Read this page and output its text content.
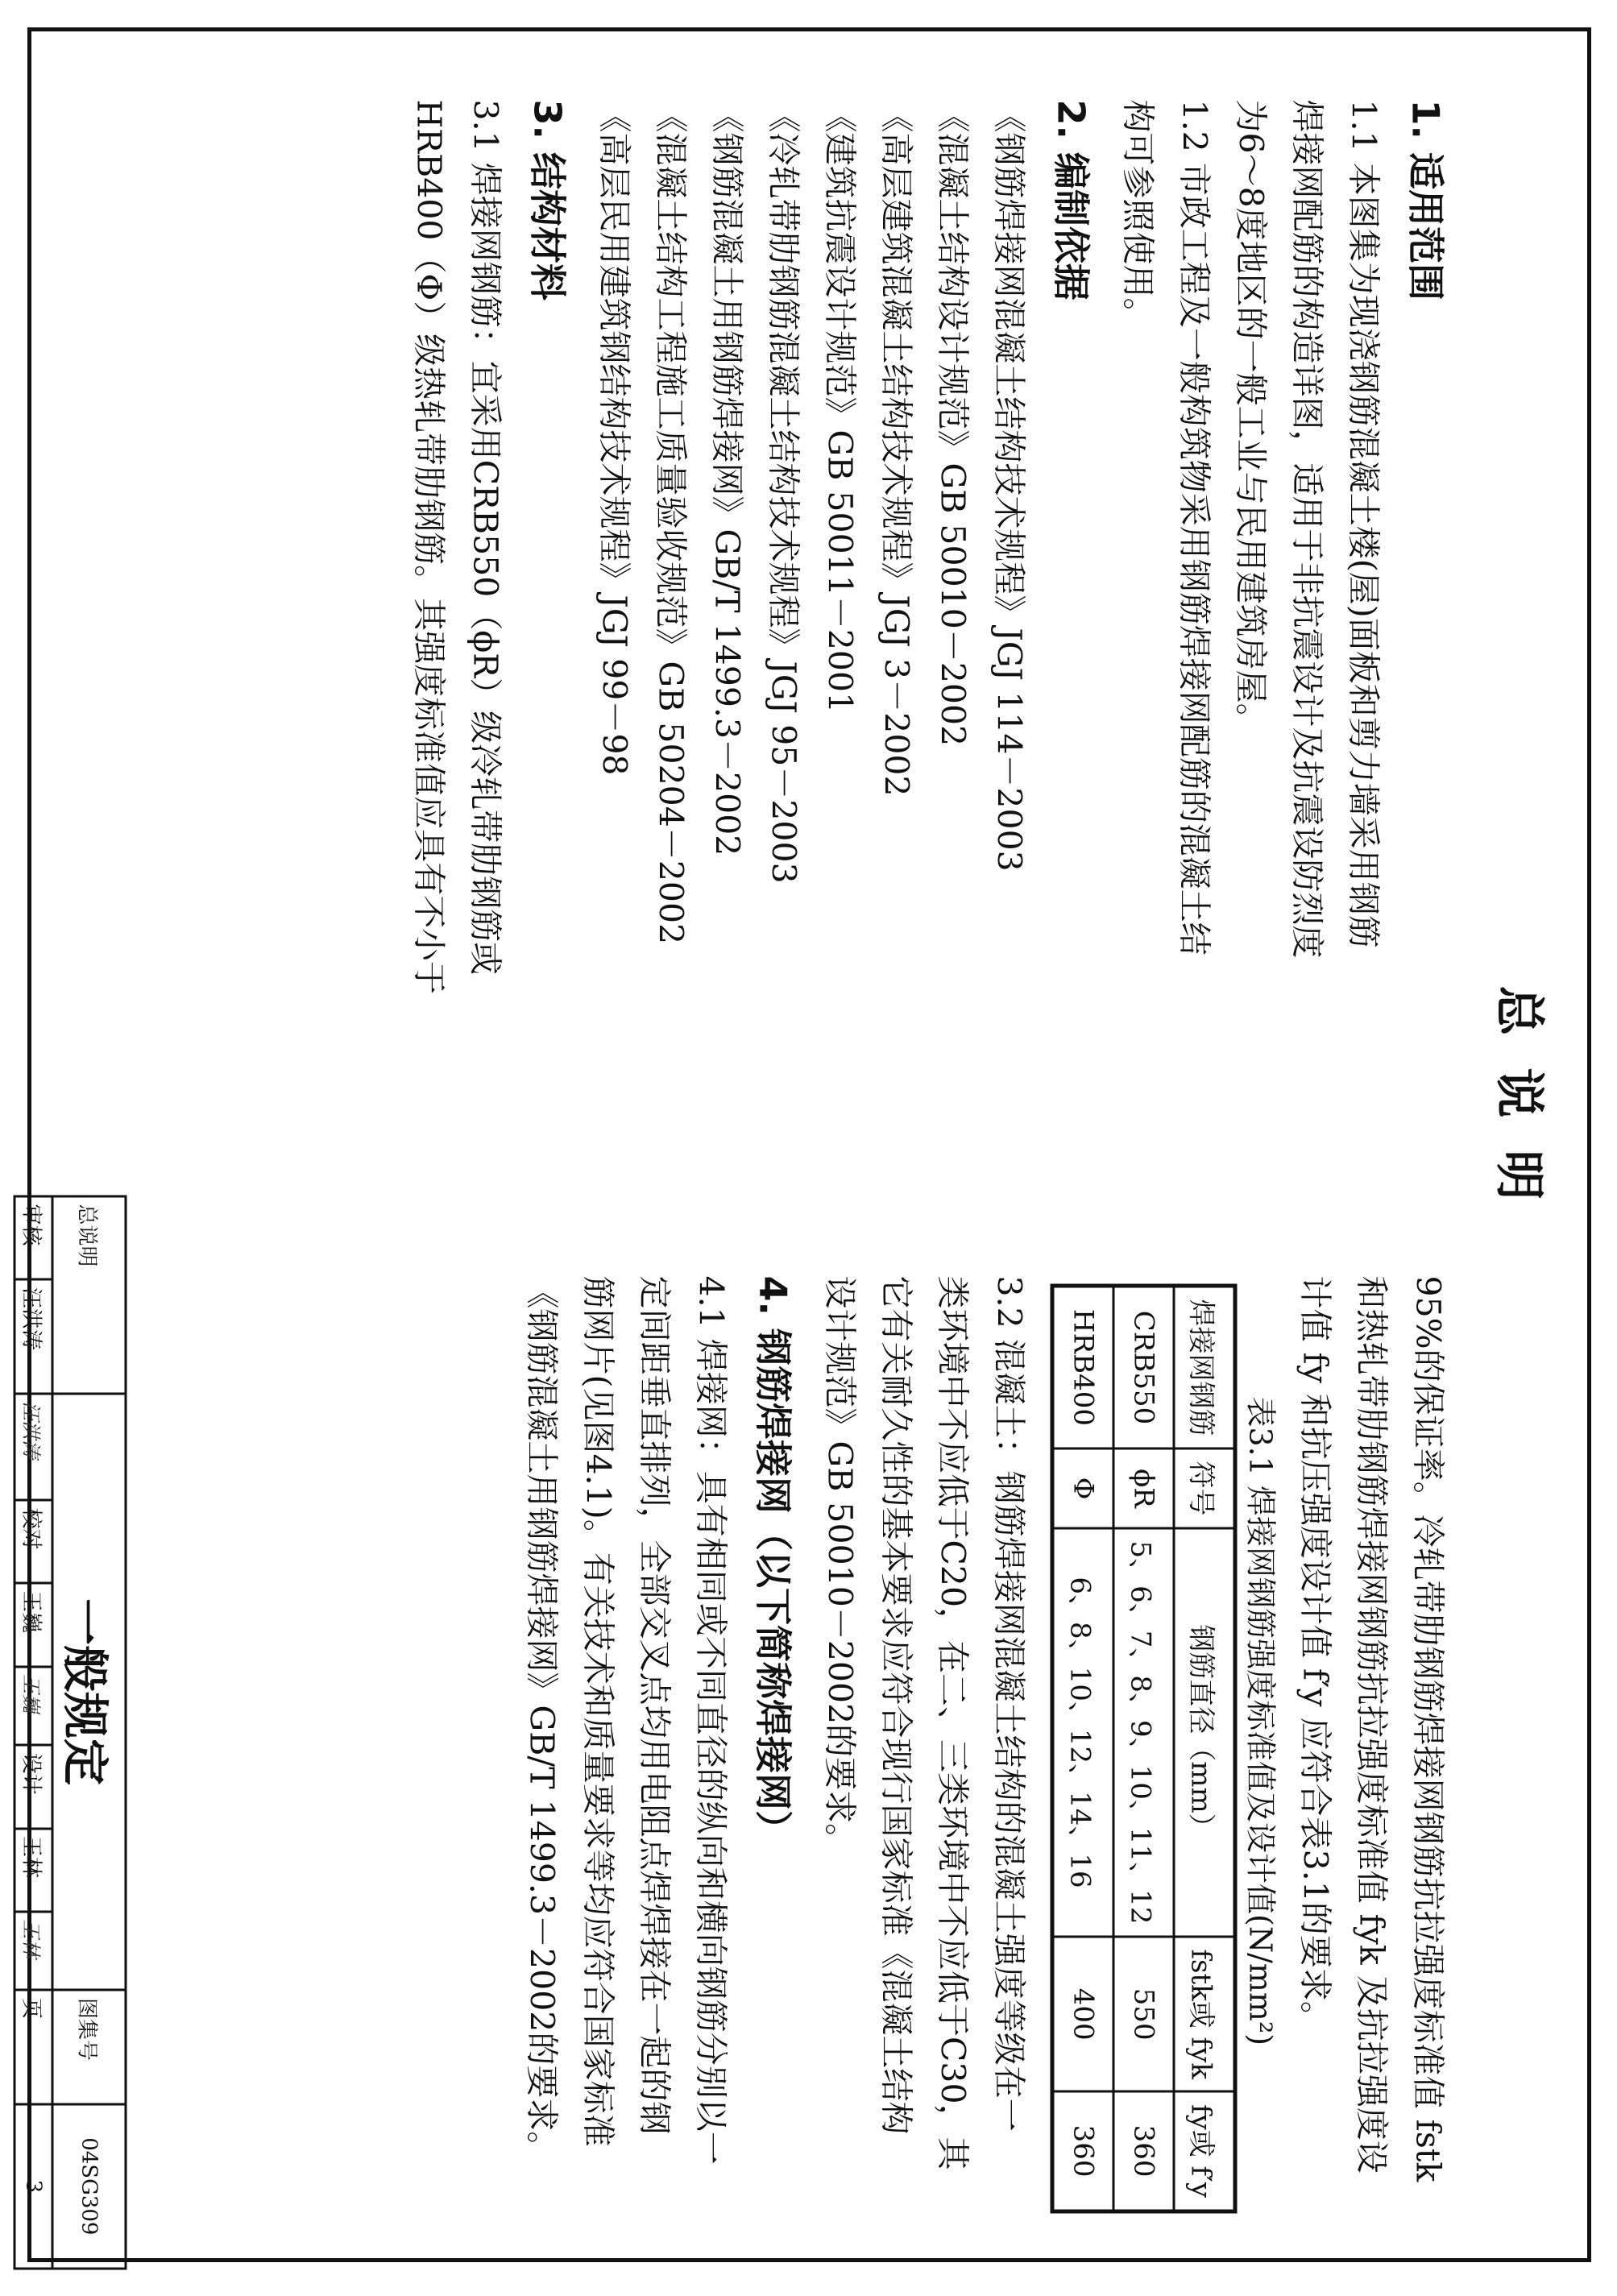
总说明
1. 适用范围
1.1 本图集为现浇钢筋混凝土楼(屋)面板和剪力墙采用钢筋
焊接网配筋的构造详图，适用于非抗震设计及抗震设防烈度
为6～8度地区的一般工业与民用建筑房屋。
1.2 市政工程及一般构筑物采用钢筋焊接网配筋的混凝土结
构可参照使用。
2. 编制依据
《钢筋焊接网混凝土结构技术规程》JGJ 114－2003
《混凝土结构设计规范》GB 50010－2002
《高层建筑混凝土结构技术规程》JGJ 3－2002
《建筑抗震设计规范》GB 50011－2001
《冷轧带肋钢筋混凝土结构技术规程》JGJ 95－2003
《钢筋混凝土用钢筋焊接网》GB/T 1499.3－2002
《混凝土结构工程施工质量验收规范》GB 50204－2002
《高层民用建筑钢结构技术规程》JGJ 99－98
3. 结构材料
3.1 焊接网钢筋：宜采用CRB550（ϕR）级冷轧带肋钢筋或
HRB400（Φ）级热轧带肋钢筋。其强度标准值应具有不小于
95%的保证率。冷轧带肋钢筋焊接网钢筋抗拉强度标准值 fstk
和热轧带肋钢筋焊接网钢筋抗拉强度标准值 fyk 及抗拉强度设
计值 fy 和抗压强度设计值 f′y 应符合表3.1的要求。
表3.1 焊接网钢筋强度标准值及设计值(N/mm²)
焊接网钢筋	符号	钢筋直径（mm）	fstk或 fyk	fy或 f′y
CRB550	ϕR	5、6、7、8、9、10、11、12	550	360
HRB400	Φ	6、8、10、12、14、16	400	360
3.2 混凝土：钢筋焊接网混凝土结构的混凝土强度等级在一
类环境中不应低于C20，在二、三类环境中不应低于C30，其
它有关耐久性的基本要求应符合现行国家标准《混凝土结构
设计规范》GB 50010－2002的要求。
4. 钢筋焊接网（以下简称焊接网）
4.1 焊接网：具有相同或不同直径的纵向和横向钢筋分别以一
定间距垂直排列，全部交叉点均用电阻点焊焊接在一起的钢
筋网片(见图4.1)。有关技术和质量要求等均应符合国家标准
《钢筋混凝土用钢筋焊接网》GB/T 1499.3－2002的要求。
总说明		一般规定							图集号	04SG309
审核	汪洪涛	汪洪涛	校对	王巍	王巍	设计	王林	王林	页	3
